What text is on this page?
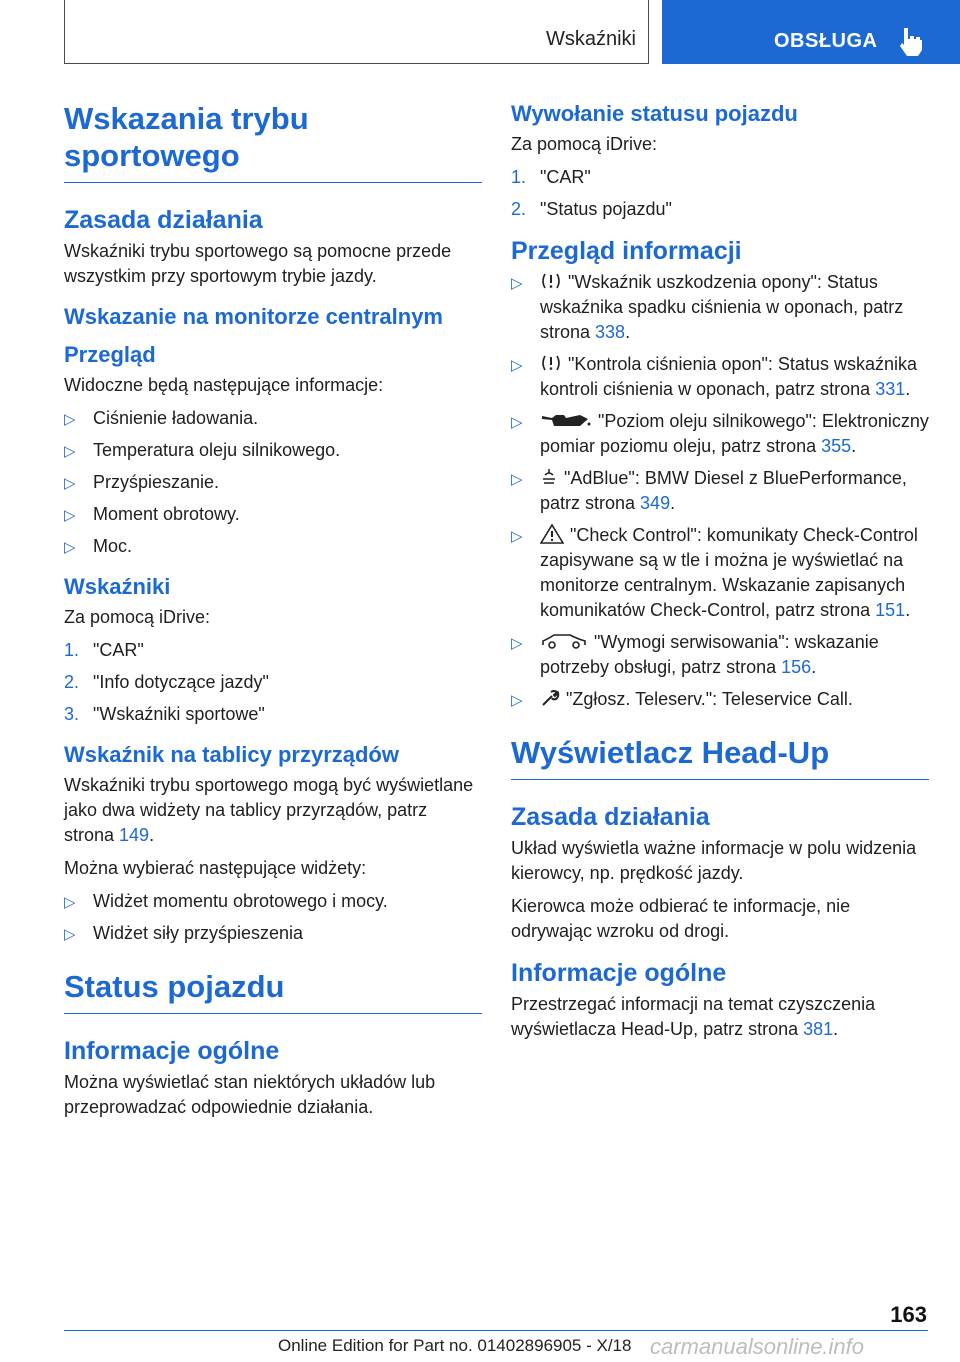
Wskaźniki	OBSŁUGA
Wskazania trybu sportowego
Zasada działania

Wskaźniki trybu sportowego są pomocne przede wszystkim przy sportowym trybie jazdy.

Wskazanie na monitorze centralnym
Przegląd

Widoczne będą następujące informacje:

▷ Ciśnienie ładowania.
▷ Temperatura oleju silnikowego.
▷ Przyśpieszanie.
▷ Moment obrotowy.
▷ Moc.
Wskaźniki

Za pomocą iDrive:

1. "CAR"
2. "Info dotyczące jazdy"
3. "Wskaźniki sportowe"
Wskaźnik na tablicy przyrządów

Wskaźniki trybu sportowego mogą być wyświetlane jako dwa widżety na tablicy przyrządów, patrz strona 149.

Można wybierać następujące widżety:

▷ Widżet momentu obrotowego i mocy.
▷ Widżet siły przyśpieszenia
Status pojazdu
Informacje ogólne

Można wyświetlać stan niektórych układów lub przeprowadzać odpowiednie działania.

Wywołanie statusu pojazdu

Za pomocą iDrive:

1. "CAR"
2. "Status pojazdu"
Przegląd informacji
▷	"Wskaźnik uszkodzenia opony": Status wskaźnika spadku ciśnienia w oponach, patrz strona 338.
▷	"Kontrola ciśnienia opon": Status wskaźnika kontroli ciśnienia w oponach, patrz strona 331.
▷	"Poziom oleju silnikowego": Elektroniczny pomiar poziomu oleju, patrz strona 355.
▷ "AdBlue": BMW Diesel z BluePerformance, patrz strona 349.
▷	"Check Control": komunikaty Check-Control zapisywane są w tle i można je wyświetlać na monitorze centralnym. Wskazanie zapisanych komunikatów Check-Control, patrz strona 151.
▷	"Wymogi serwisowania": wskazanie potrzeby obsługi, patrz strona 156.
▷ "Zgłosz. Teleserv.": Teleservice Call.
Wyświetlacz Head-Up
Zasada działania

Układ wyświetla ważne informacje w polu widzenia kierowcy, np. prędkość jazdy.

Kierowca może odbierać te informacje, nie odrywając wzroku od drogi.

Informacje ogólne

Przestrzegać informacji na temat czyszczenia wyświetlacza Head-Up, patrz strona 381.

163
Online Edition for Part no. 01402896905 - X/18 carmanualsonline.info
